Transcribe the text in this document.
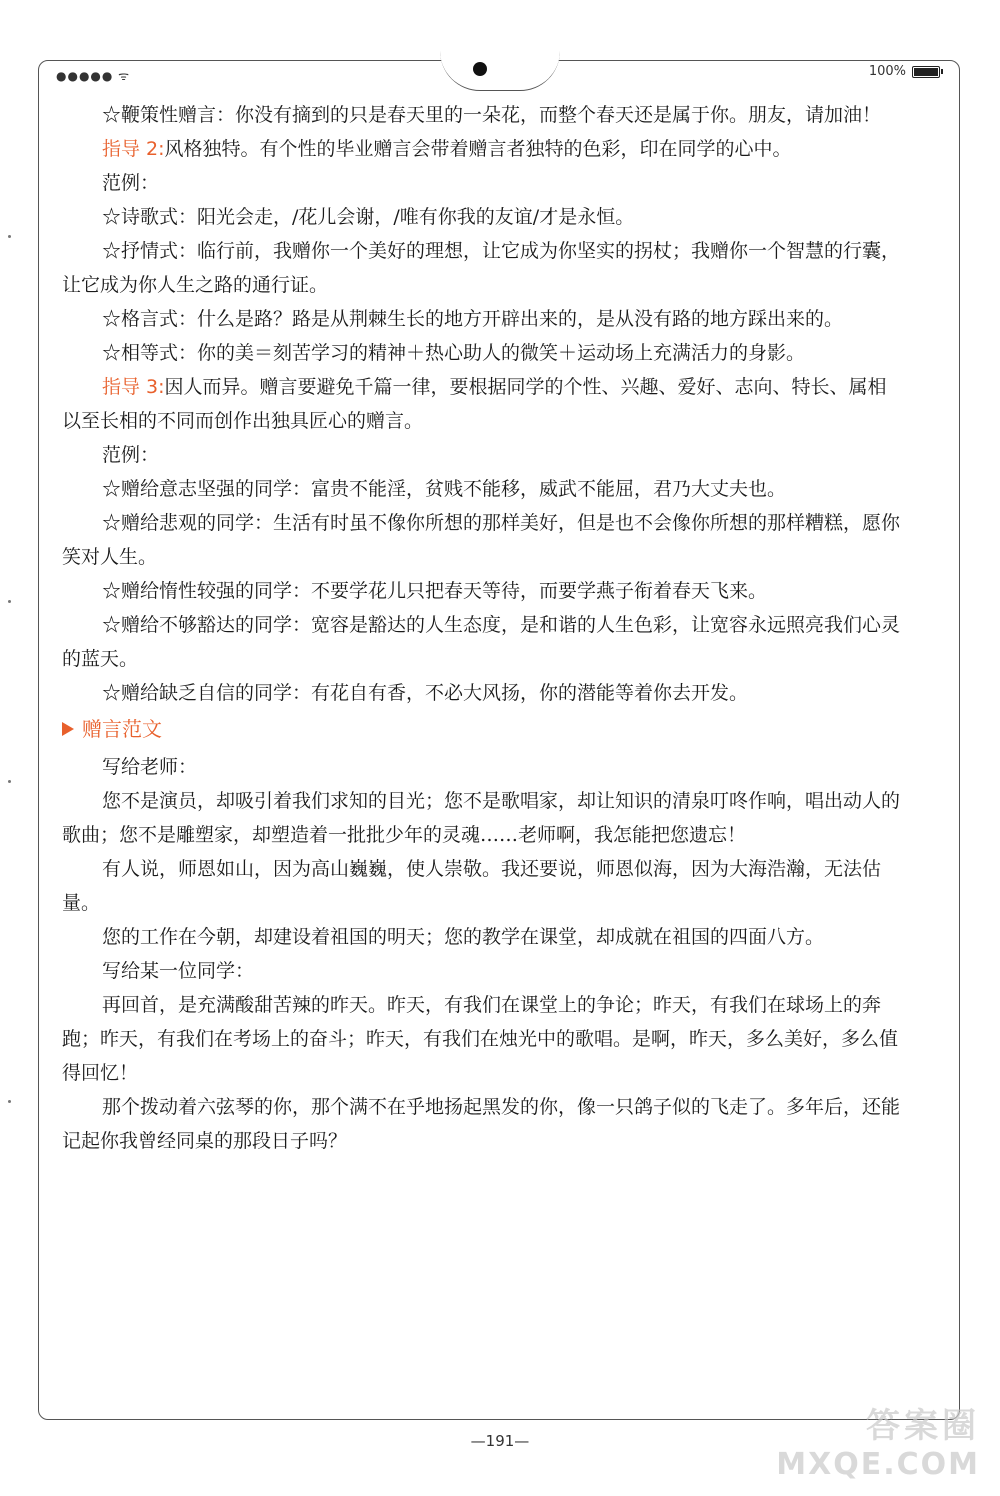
●●●●● ᯤ	100%

☆鞭策性赠言：你没有摘到的只是春天里的一朵花，而整个春天还是属于你。朋友，请加油！

指导 2:风格独特。有个性的毕业赠言会带着赠言者独特的色彩，印在同学的心中。

范例：

☆诗歌式：阳光会走，/花儿会谢，/唯有你我的友谊/才是永恒。

☆抒情式：临行前，我赠你一个美好的理想，让它成为你坚实的拐杖；我赠你一个智慧的行囊，让它成为你人生之路的通行证。

☆格言式：什么是路？路是从荆棘生长的地方开辟出来的，是从没有路的地方踩出来的。

☆相等式：你的美＝刻苦学习的精神＋热心助人的微笑＋运动场上充满活力的身影。

指导 3:因人而异。赠言要避免千篇一律，要根据同学的个性、兴趣、爱好、志向、特长、属相以至长相的不同而创作出独具匠心的赠言。

范例：

☆赠给意志坚强的同学：富贵不能淫，贫贱不能移，威武不能屈，君乃大丈夫也。

☆赠给悲观的同学：生活有时虽不像你所想的那样美好，但是也不会像你所想的那样糟糕，愿你笑对人生。

☆赠给惰性较强的同学：不要学花儿只把春天等待，而要学燕子衔着春天飞来。

☆赠给不够豁达的同学：宽容是豁达的人生态度，是和谐的人生色彩，让宽容永远照亮我们心灵的蓝天。

☆赠给缺乏自信的同学：有花自有香，不必大风扬，你的潜能等着你去开发。

赠言范文

写给老师：

您不是演员，却吸引着我们求知的目光；您不是歌唱家，却让知识的清泉叮咚作响，唱出动人的歌曲；您不是雕塑家，却塑造着一批批少年的灵魂……老师啊，我怎能把您遗忘！

有人说，师恩如山，因为高山巍巍，使人崇敬。我还要说，师恩似海，因为大海浩瀚，无法估量。

您的工作在今朝，却建设着祖国的明天；您的教学在课堂，却成就在祖国的四面八方。

写给某一位同学：

再回首，是充满酸甜苦辣的昨天。昨天，有我们在课堂上的争论；昨天，有我们在球场上的奔跑；昨天，有我们在考场上的奋斗；昨天，有我们在烛光中的歌唱。是啊，昨天，多么美好，多么值得回忆！

那个拨动着六弦琴的你，那个满不在乎地扬起黑发的你，像一只鸽子似的飞走了。多年后，还能记起你我曾经同桌的那段日子吗？

—191—	答案圈
MXQE.COM
